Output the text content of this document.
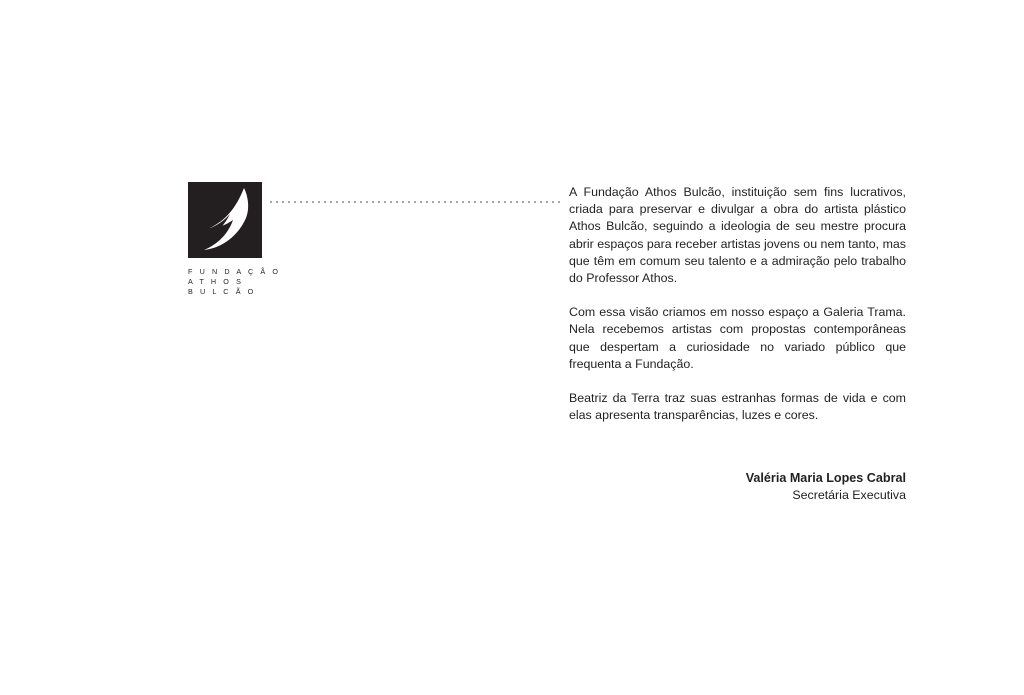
F U N D A Ç Ã O
A T H O S
B U L C Ã O

A Fundação Athos Bulcão, instituição sem fins lucrativos, criada para preservar e divulgar a obra do artista plástico Athos Bulcão, seguindo a ideologia de seu mestre procura abrir espaços para receber artistas jovens ou nem tanto, mas que têm em comum seu talento e a admiração pelo trabalho do Professor Athos.

Com essa visão criamos em nosso espaço a Galeria Trama. Nela recebemos artistas com propostas contemporâneas que despertam a curiosidade no variado público que frequenta a Fundação.

Beatriz da Terra traz suas estranhas formas de vida e com elas apresenta transparências, luzes e cores.

Valéria Maria Lopes Cabral
Secretária Executiva
